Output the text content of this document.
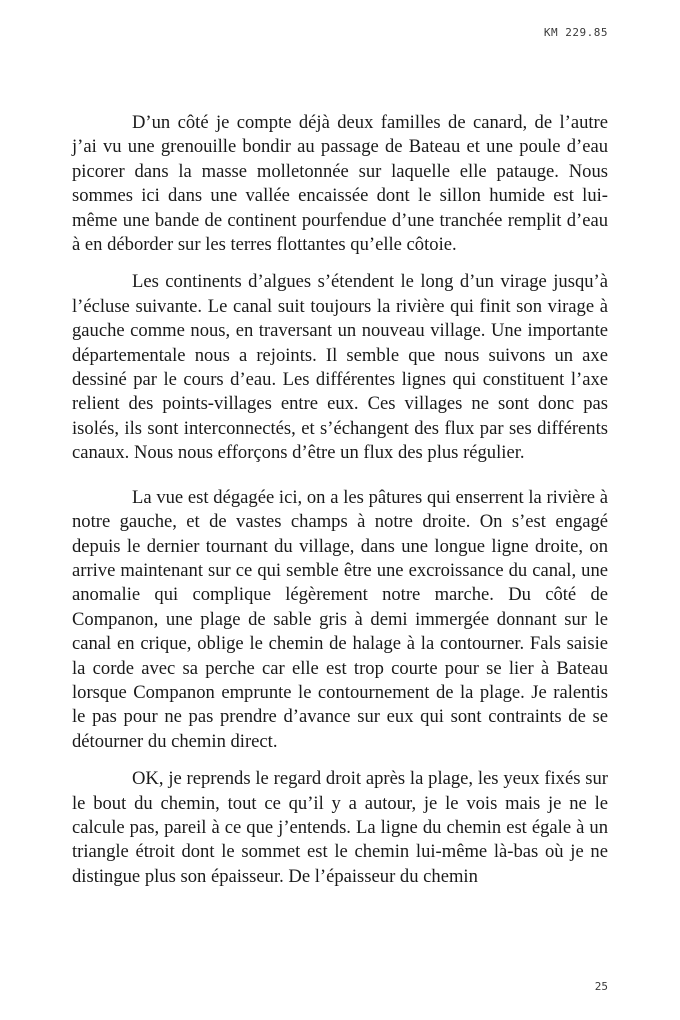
KM 229.85

D’un côté je compte déjà deux familles de canard, de l’autre j’ai vu une grenouille bondir au passage de Bateau et une poule d’eau picorer dans la masse molletonnée sur laquelle elle patauge. Nous sommes ici dans une vallée encaissée dont le sillon humide est lui-même une bande de continent pourfendue d’une tranchée remplit d’eau à en déborder sur les terres flottantes qu’elle côtoie.

Les continents d’algues s’étendent le long d’un virage jusqu’à l’écluse suivante. Le canal suit toujours la rivière qui finit son virage à gauche comme nous, en traversant un nouveau village. Une importante départementale nous a rejoints. Il semble que nous suivons un axe dessiné par le cours d’eau. Les différentes lignes qui constituent l’axe relient des points-villages entre eux. Ces villages ne sont donc pas isolés, ils sont interconnectés, et s’échangent des flux par ses différents canaux. Nous nous efforçons d’être un flux des plus régulier.

La vue est dégagée ici, on a les pâtures qui enserrent la rivière à notre gauche, et de vastes champs à notre droite. On s’est engagé depuis le dernier tournant du village, dans une longue ligne droite, on arrive maintenant sur ce qui semble être une excroissance du canal, une anomalie qui complique légèrement notre marche. Du côté de Companon, une plage de sable gris à demi immergée donnant sur le canal en crique, oblige le chemin de halage à la contourner. Fals saisie la corde avec sa perche car elle est trop courte pour se lier à Bateau lorsque Companon emprunte le contournement de la plage. Je ralentis le pas pour ne pas prendre d’avance sur eux qui sont contraints de se détourner du chemin direct.

OK, je reprends le regard droit après la plage, les yeux fixés sur le bout du chemin, tout ce qu’il y a autour, je le vois mais je ne le calcule pas, pareil à ce que j’entends. La ligne du chemin est égale à un triangle étroit dont le sommet est le chemin lui-même là-bas où je ne distingue plus son épaisseur. De l’épaisseur du chemin

25
